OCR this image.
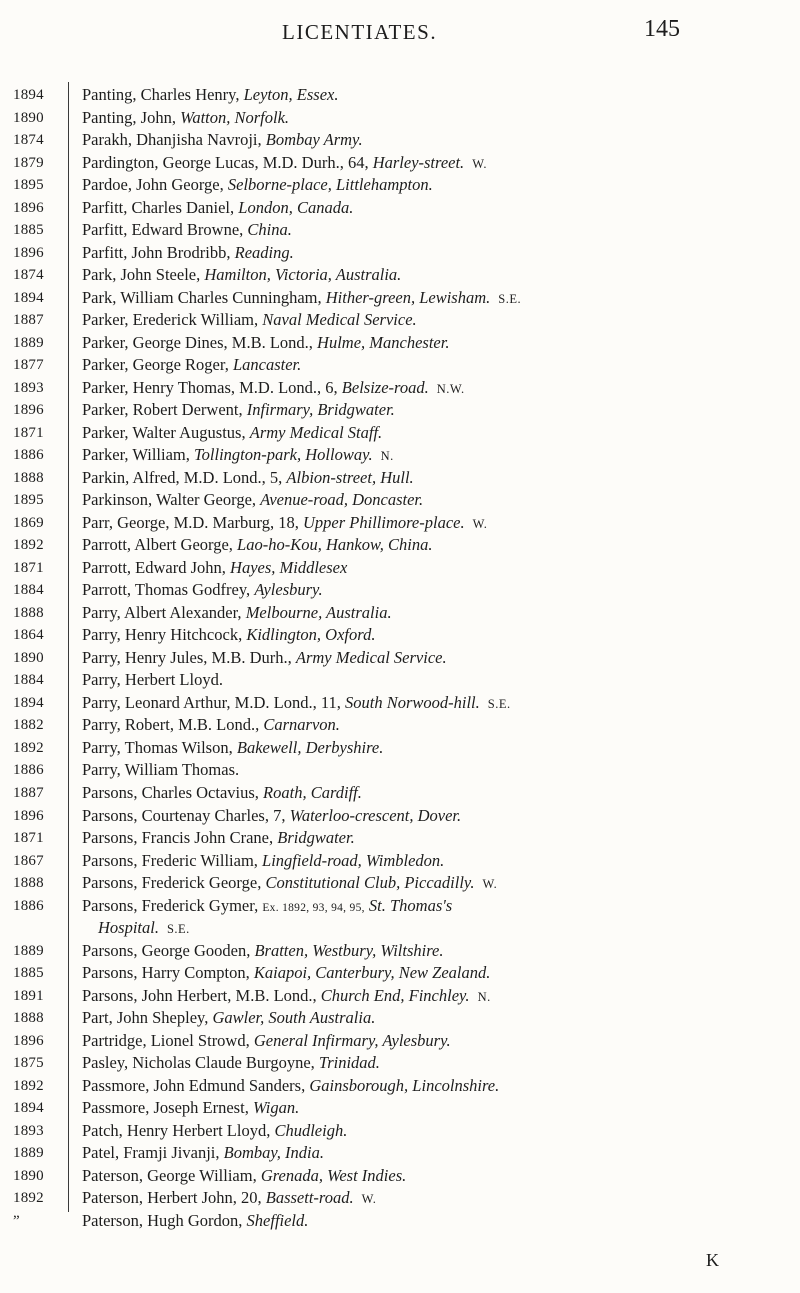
LICENTIATES.	145
1894 Panting, Charles Henry, Leyton, Essex.
1890 Panting, John, Watton, Norfolk.
1874 Parakh, Dhanjisha Navroji, Bombay Army.
1879 Pardington, George Lucas, M.D. Durh., 64, Harley-street. W.
1895 Pardoe, John George, Selborne-place, Littlehampton.
1896 Parfitt, Charles Daniel, London, Canada.
1885 Parfitt, Edward Browne, China.
1896 Parfitt, John Brodribb, Reading.
1874 Park, John Steele, Hamilton, Victoria, Australia.
1894 Park, William Charles Cunningham, Hither-green, Lewisham. S.E.
1887 Parker, Erederick William, Naval Medical Service.
1889 Parker, George Dines, M.B. Lond., Hulme, Manchester.
1877 Parker, George Roger, Lancaster.
1893 Parker, Henry Thomas, M.D. Lond., 6, Belsize-road. N.W.
1896 Parker, Robert Derwent, Infirmary, Bridgwater.
1871 Parker, Walter Augustus, Army Medical Staff.
1886 Parker, William, Tollington-park, Holloway. N.
1888 Parkin, Alfred, M.D. Lond., 5, Albion-street, Hull.
1895 Parkinson, Walter George, Avenue-road, Doncaster.
1869 Parr, George, M.D. Marburg, 18, Upper Phillimore-place. W.
1892 Parrott, Albert George, Lao-ho-Kou, Hankow, China.
1871 Parrott, Edward John, Hayes, Middlesex
1884 Parrott, Thomas Godfrey, Aylesbury.
1888 Parry, Albert Alexander, Melbourne, Australia.
1864 Parry, Henry Hitchcock, Kidlington, Oxford.
1890 Parry, Henry Jules, M.B. Durh., Army Medical Service.
1884 Parry, Herbert Lloyd.
1894 Parry, Leonard Arthur, M.D. Lond., 11, South Norwood-hill. S.E.
1882 Parry, Robert, M.B. Lond., Carnarvon.
1892 Parry, Thomas Wilson, Bakewell, Derbyshire.
1886 Parry, William Thomas.
1887 Parsons, Charles Octavius, Roath, Cardiff.
1896 Parsons, Courtenay Charles, 7, Waterloo-crescent, Dover.
1871 Parsons, Francis John Crane, Bridgwater.
1867 Parsons, Frederic William, Lingfield-road, Wimbledon.
1888 Parsons, Frederick George, Constitutional Club, Piccadilly. W.
1886 Parsons, Frederick Gymer, Ex. 1892, 93, 94, 95, St. Thomas's
Hospital. S.E.
1889 Parsons, George Gooden, Bratten, Westbury, Wiltshire.
1885 Parsons, Harry Compton, Kaiapoi, Canterbury, New Zealand.
1891 Parsons, John Herbert, M.B. Lond., Church End, Finchley. N.
1888 Part, John Shepley, Gawler, South Australia.
1896 Partridge, Lionel Strowd, General Infirmary, Aylesbury.
1875 Pasley, Nicholas Claude Burgoyne, Trinidad.
1892 Passmore, John Edmund Sanders, Gainsborough, Lincolnshire.
1894 Passmore, Joseph Ernest, Wigan.
1893 Patch, Henry Herbert Lloyd, Chudleigh.
1889 Patel, Framji Jivanji, Bombay, India.
1890 Paterson, George William, Grenada, West Indies.
1892 Paterson, Herbert John, 20, Bassett-road. W.
”	Paterson, Hugh Gordon, Sheffield.
K
